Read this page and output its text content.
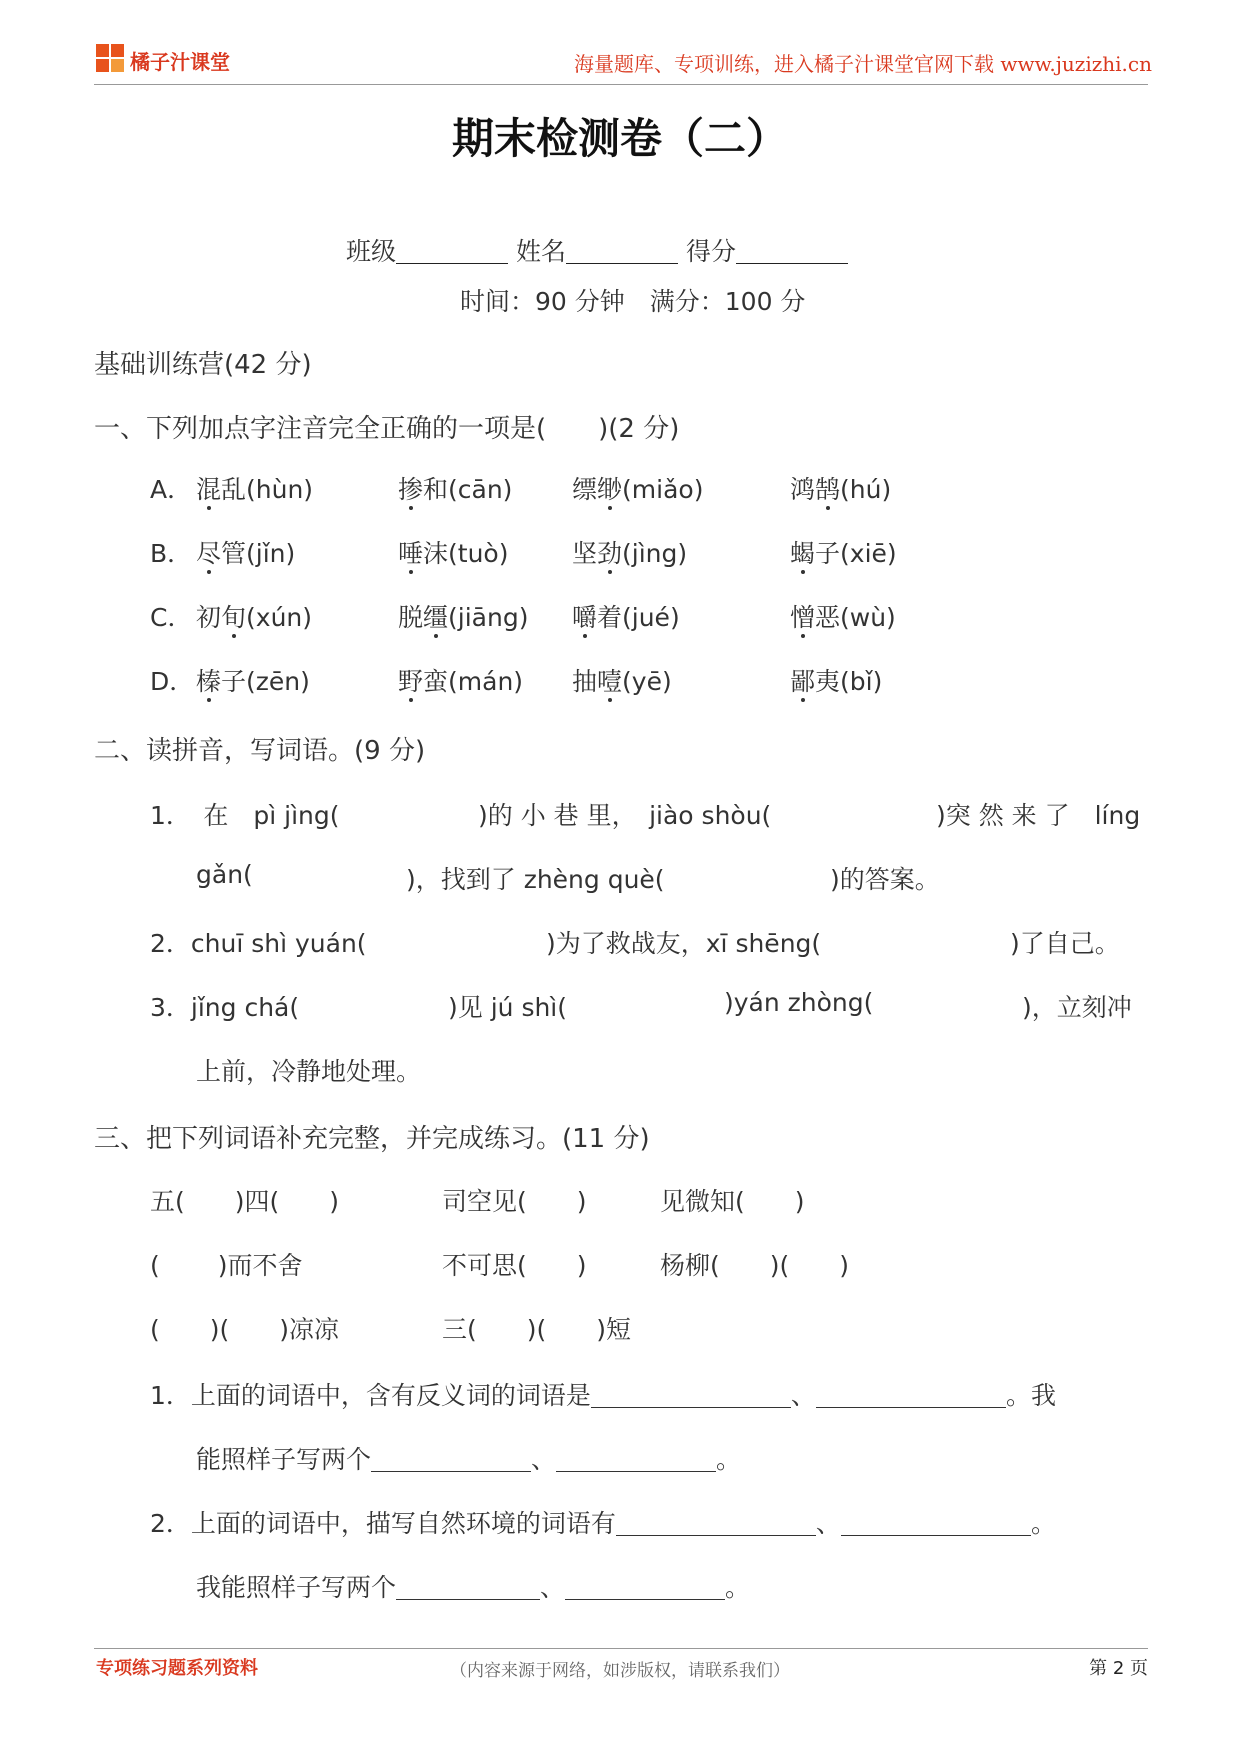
橘子汁课堂	海量题库、专项训练，进入橘子汁课堂官网下载 www.juzizhi.cn
期末检测卷（二）
班级	姓名	得分
时间：90 分钟　满分：100 分
基础训练营(42 分)
一、下列加点字注音完全正确的一项是(　　)(2 分)
A． 混乱(hùn)	掺和(cān) 缥缈(miǎo)	鸿鹄(hú)
B． 尽管(jǐn)	唾沫(tuò)	坚劲(jìng)	蝎子(xiē)
C． 初旬(xún)	脱缰(jiāng) 嚼着(jué)	憎恶(wù)
D． 榛子(zēn)	野蛮(mán) 抽噎(yē)	鄙夷(bǐ)
二、读拼音，写词语。(9 分)
1．　在　pì jìng(	)的 小 巷 里，　jiào shòu(	)突 然 来 了　líng
gǎn(	)，找到了 zhèng què(	)的答案。
2．chuī shì yuán(	)为了救战友，xī shēng(	)了自己。
3．jǐng chá(	)见 jú shì(	)yán zhòng(	)，立刻冲
上前，冷静地处理。
三、把下列词语补充完整，并完成练习。(11 分)
五(　　)四(　　)	司空见(　　)	见微知(　　)
(　　 )而不舍	不可思(　　)	杨柳(　　)(　　)
(　　)(　　)凉凉	三(　　)(　　)短
1．上面的词语中，含有反义词的词语是	、	。我
能照样子写两个	、	。
2．上面的词语中，描写自然环境的词语有	、	。
我能照样子写两个	、	。
专项练习题系列资料	（内容来源于网络，如涉版权，请联系我们）	第 2 页
